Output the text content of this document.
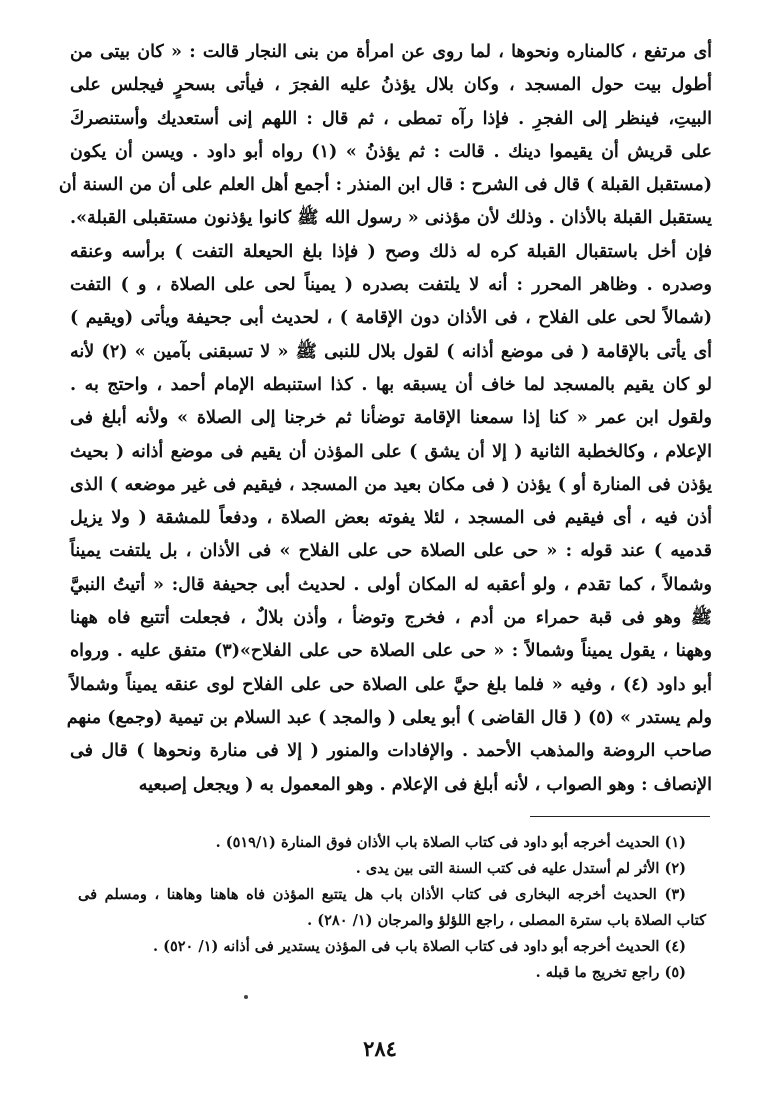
أى مرتفع ، كالمناره ونحوها ، لما روى عن امرأة من بنى النجار قالت : « كان بيتى من
أطول بيت حول المسجد ، وكان بلال يؤذنُ عليه الفجرَ ، فيأتى بسحرٍ فيجلس على
البيتِ، فينظر إلى الفجرِ . فإذا رآه تمطى ، ثم قال : اللهم إنى أستعديك وأستنصركَ
على قريش أن يقيموا دينك . قالت : ثم يؤذنُ » (١) رواه أبو داود . ويسن أن يكون
(مستقبل القبلة ) قال فى الشرح : قال ابن المنذر : أجمع أهل العلم على أن من السنة أن
يستقبل القبلة بالأذان . وذلك لأن مؤذنى « رسول الله ﷺ كانوا يؤذنون مستقبلى القبلة».
فإن أخل باستقبال القبلة كره له ذلك وصح ( فإذا بلغ الحيعلة التفت ) برأسه وعنقه
وصدره . وظاهر المحرر : أنه لا يلتفت بصدره ( يميناً لحى على الصلاة ، و ) التفت
(شمالاً لحى على الفلاح ، فى الأذان دون الإقامة ) ، لحديث أبى جحيفة ويأتى (ويقيم )
أى يأتى بالإقامة ( فى موضع أذانه ) لقول بلال للنبى ﷺ « لا تسبقنى بآمين » (٢) لأنه
لو كان يقيم بالمسجد لما خاف أن يسبقه بها . كذا استنبطه الإمام أحمد ، واحتج به .
ولقول ابن عمر « كنا إذا سمعنا الإقامة توضأنا ثم خرجنا إلى الصلاة » ولأنه أبلغ فى
الإعلام ، وكالخطبة الثانية ( إلا أن يشق ) على المؤذن أن يقيم فى موضع أذانه ( بحيث
يؤذن فى المنارة أو ) يؤذن ( فى مكان بعيد من المسجد ، فيقيم فى غير موضعه ) الذى
أذن فيه ، أى فيقيم فى المسجد ، لئلا يفوته بعض الصلاة ، ودفعاً للمشقة ( ولا يزيل
قدميه ) عند قوله : « حى على الصلاة حى على الفلاح » فى الأذان ، بل يلتفت يميناً
وشمالاً ، كما تقدم ، ولو أعقبه له المكان أولى . لحديث أبى جحيفة قال: « أتيتُ النبيَّ
ﷺ وهو فى قبة حمراء من أدم ، فخرج وتوضأ ، وأذن بلالٌ ، فجعلت أتتبع فاه ههنا
وههنا ، يقول يميناً وشمالاً : « حى على الصلاة حى على الفلاح»(٣) متفق عليه . ورواه
أبو داود (٤) ، وفيه « فلما بلغ حيَّ على الصلاة حى على الفلاح لوى عنقه يميناً وشمالاً
ولم يستدر » (٥) ( قال القاضى ) أبو يعلى ( والمجد ) عبد السلام بن تيمية (وجمع) منهم
صاحب الروضة والمذهب الأحمد . والإفادات والمنور ( إلا فى منارة ونحوها ) قال فى
الإنصاف : وهو الصواب ، لأنه أبلغ فى الإعلام . وهو المعمول به ( ويجعل إصبعيه
(١) الحديث أخرجه أبو داود فى كتاب الصلاة باب الأذان فوق المنارة (٥١٩/١) .
(٢) الأثر لم أستدل عليه فى كتب السنة التى بين يدى .
(٣) الحديث أخرجه البخارى فى كتاب الأذان باب هل يتتبع المؤذن فاه هاهنا وهاهنا ، ومسلم فى
كتاب الصلاة باب سترة المصلى ، راجع اللؤلؤ والمرجان (١/ ٢٨٠) .
(٤) الحديث أخرجه أبو داود فى كتاب الصلاة باب فى المؤذن يستدير فى أذانه (١/ ٥٢٠) .
(٥) راجع تخريج ما قبله .
٢٨٤
